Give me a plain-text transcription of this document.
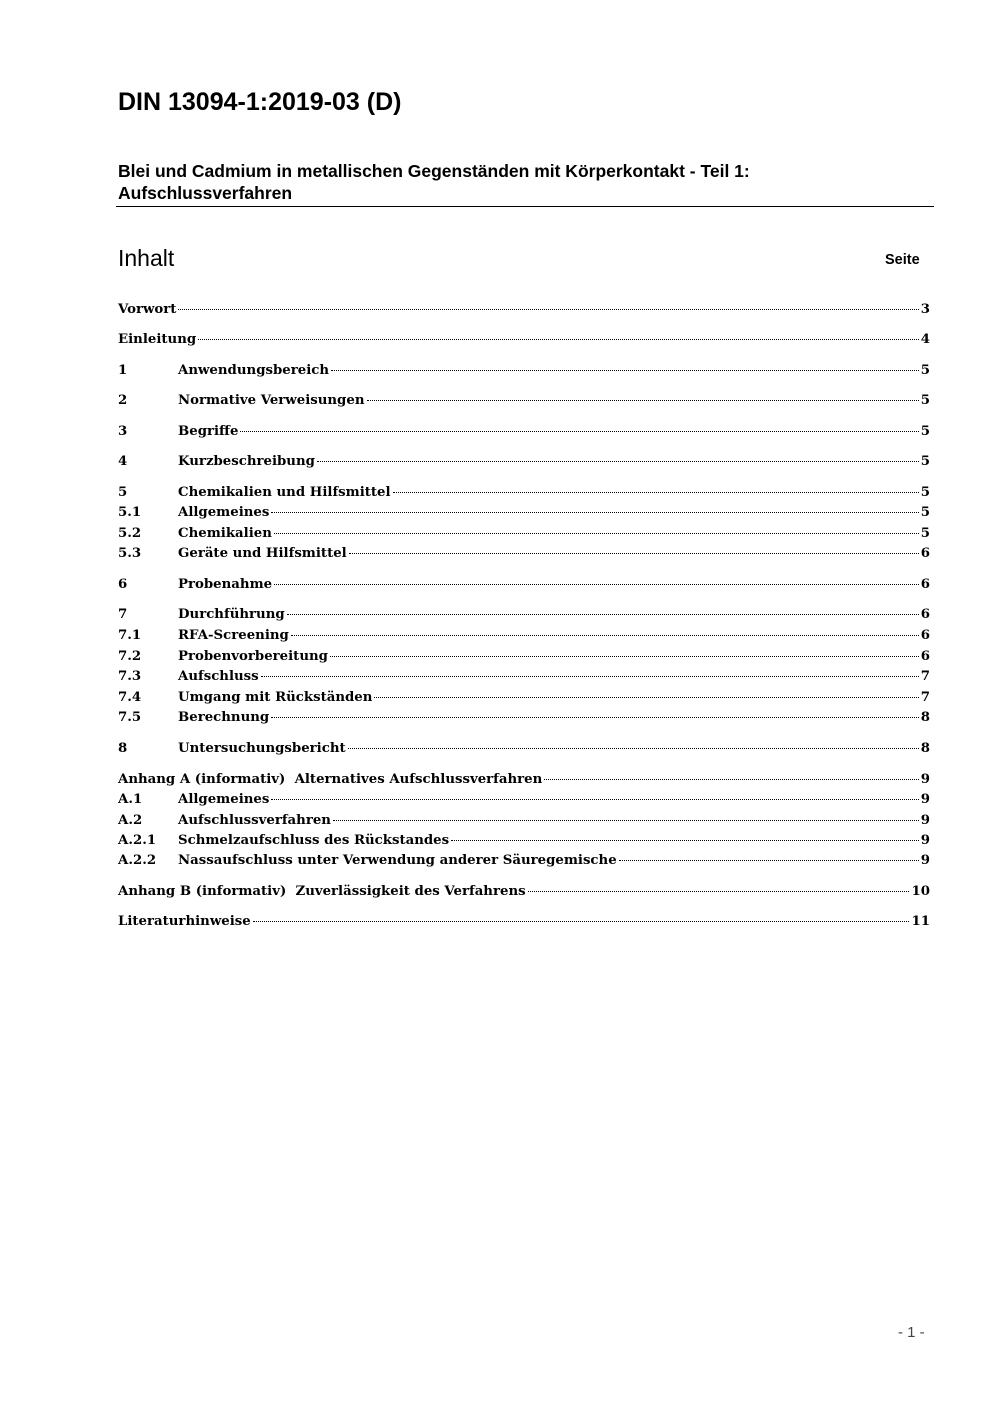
DIN 13094-1:2019-03 (D)
Blei und Cadmium in metallischen Gegenständen mit Körperkontakt - Teil 1:
Aufschlussverfahren
Inhalt	Seite
Vorwort	3
Einleitung	4
1	Anwendungsbereich	5
2	Normative Verweisungen	5
3	Begriffe	5
4	Kurzbeschreibung	5
5	Chemikalien und Hilfsmittel	5
5.1	Allgemeines	5
5.2	Chemikalien	5
5.3	Geräte und Hilfsmittel	6
6	Probenahme	6
7	Durchführung	6
7.1	RFA-Screening	6
7.2	Probenvorbereitung	6
7.3	Aufschluss	7
7.4	Umgang mit Rückständen	7
7.5	Berechnung	8
8	Untersuchungsbericht	8
Anhang A (informativ)  Alternatives Aufschlussverfahren	9
A.1	Allgemeines	9
A.2	Aufschlussverfahren	9
A.2.1	Schmelzaufschluss des Rückstandes	9
A.2.2	Nassaufschluss unter Verwendung anderer Säuregemische	9
Anhang B (informativ)  Zuverlässigkeit des Verfahrens	10
Literaturhinweise	11
- 1 -
